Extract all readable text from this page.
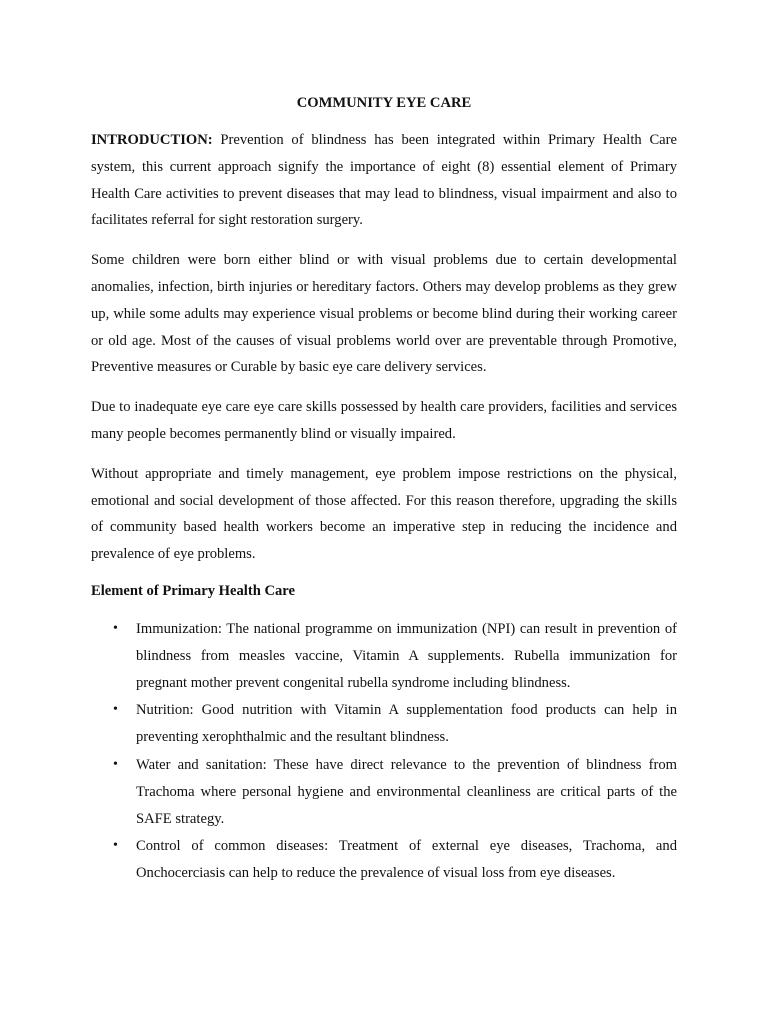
COMMUNITY EYE CARE

INTRODUCTION: Prevention of blindness has been integrated within Primary Health Care system, this current approach signify the importance of eight (8) essential element of Primary Health Care activities to prevent diseases that may lead to blindness, visual impairment and also to facilitates referral for sight restoration surgery.

Some children were born either blind or with visual problems due to certain developmental anomalies, infection, birth injuries or hereditary factors. Others may develop problems as they grew up, while some adults may experience visual problems or become blind during their working career or old age. Most of the causes of visual problems world over are preventable through Promotive, Preventive measures or Curable by basic eye care delivery services.

Due to inadequate eye care eye care skills possessed by health care providers, facilities and services many people becomes permanently blind or visually impaired.

Without appropriate and timely management, eye problem impose restrictions on the physical, emotional and social development of those affected. For this reason therefore, upgrading the skills of community based health workers become an imperative step in reducing the incidence and prevalence of eye problems.

Element of Primary Health Care
• Immunization: The national programme on immunization (NPI) can result in prevention of blindness from measles vaccine, Vitamin A supplements. Rubella immunization for pregnant mother prevent congenital rubella syndrome including blindness.
• Nutrition: Good nutrition with Vitamin A supplementation food products can help in preventing xerophthalmic and the resultant blindness.
• Water and sanitation: These have direct relevance to the prevention of blindness from Trachoma where personal hygiene and environmental cleanliness are critical parts of the SAFE strategy.
• Control of common diseases: Treatment of external eye diseases, Trachoma, and Onchocerciasis can help to reduce the prevalence of visual loss from eye diseases.
